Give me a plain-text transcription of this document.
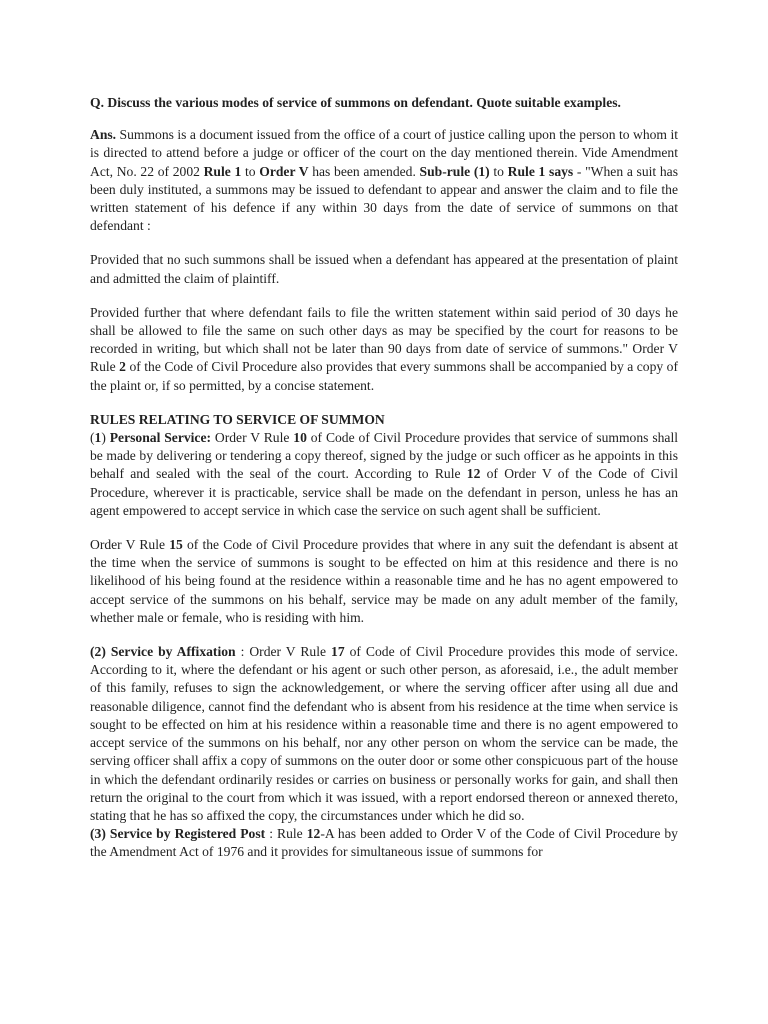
Q. Discuss the various modes of service of summons on defendant. Quote suitable examples.

Ans. Summons is a document issued from the office of a court of justice calling upon the person to whom it is directed to attend before a judge or officer of the court on the day mentioned therein. Vide Amendment Act, No. 22 of 2002 Rule 1 to Order V has been amended. Sub-rule (1) to Rule 1 says - "When a suit has been duly instituted, a summons may be issued to defendant to appear and answer the claim and to file the written statement of his defence if any within 30 days from the date of service of summons on that defendant :

Provided that no such summons shall be issued when a defendant has appeared at the presentation of plaint and admitted the claim of plaintiff.

Provided further that where defendant fails to file the written statement within said period of 30 days he shall be allowed to file the same on such other days as may be specified by the court for reasons to be recorded in writing, but which shall not be later than 90 days from date of service of summons." Order V Rule 2 of the Code of Civil Procedure also provides that every summons shall be accompanied by a copy of the plaint or, if so permitted, by a concise statement.

RULES RELATING TO SERVICE OF SUMMON

(1) Personal Service: Order V Rule 10 of Code of Civil Procedure provides that service of summons shall be made by delivering or tendering a copy thereof, signed by the judge or such officer as he appoints in this behalf and sealed with the seal of the court. According to Rule 12 of Order V of the Code of Civil Procedure, wherever it is practicable, service shall be made on the defendant in person, unless he has an agent empowered to accept service in which case the service on such agent shall be sufficient.

Order V Rule 15 of the Code of Civil Procedure provides that where in any suit the defendant is absent at the time when the service of summons is sought to be effected on him at this residence and there is no likelihood of his being found at the residence within a reasonable time and he has no agent empowered to accept service of the summons on his behalf, service may be made on any adult member of the family, whether male or female, who is residing with him.

(2) Service by Affixation : Order V Rule 17 of Code of Civil Procedure provides this mode of service. According to it, where the defendant or his agent or such other person, as aforesaid, i.e., the adult member of this family, refuses to sign the acknowledgement, or where the serving officer after using all due and reasonable diligence, cannot find the defendant who is absent from his residence at the time when service is sought to be effected on him at his residence within a reasonable time and there is no agent empowered to accept service of the summons on his behalf, nor any other person on whom the service can be made, the serving officer shall affix a copy of summons on the outer door or some other conspicuous part of the house in which the defendant ordinarily resides or carries on business or personally works for gain, and shall then return the original to the court from which it was issued, with a report endorsed thereon or annexed thereto, stating that he has so affixed the copy, the circumstances under which he did so.

(3) Service by Registered Post : Rule 12-A has been added to Order V of the Code of Civil Procedure by the Amendment Act of 1976 and it provides for simultaneous issue of summons for
